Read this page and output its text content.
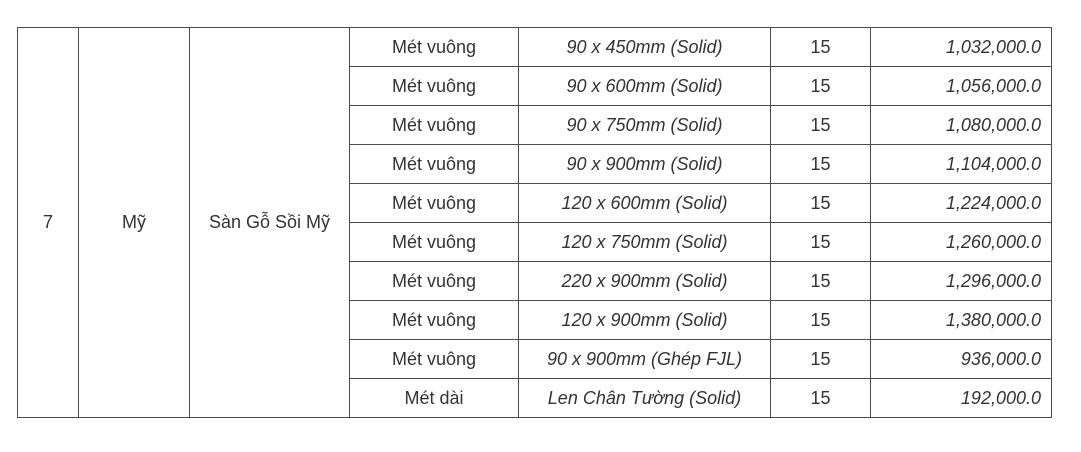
7	Mỹ	Sàn Gỗ Sồi Mỹ	Mét vuông	90 x 450mm (Solid)	15	1,032,000.0
			Mét vuông	90 x 600mm (Solid)	15	1,056,000.0
			Mét vuông	90 x 750mm (Solid)	15	1,080,000.0
			Mét vuông	90 x 900mm (Solid)	15	1,104,000.0
			Mét vuông	120 x 600mm (Solid)	15	1,224,000.0
			Mét vuông	120 x 750mm (Solid)	15	1,260,000.0
			Mét vuông	220 x 900mm (Solid)	15	1,296,000.0
			Mét vuông	120 x 900mm (Solid)	15	1,380,000.0
			Mét vuông	90 x 900mm (Ghép FJL)	15	936,000.0
			Mét dài	Len Chân Tường (Solid)	15	192,000.0
